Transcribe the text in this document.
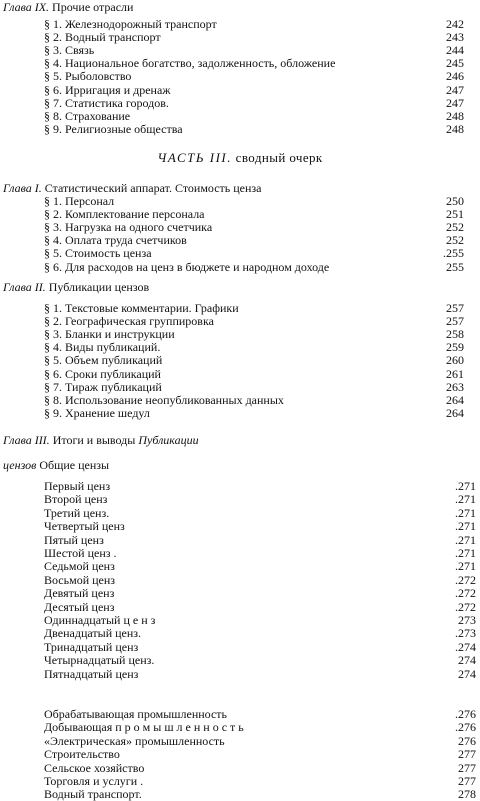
Глава IX. Прочие отрасли
§ 1. Железнодорожный транспорт	242
§ 2. Водный транспорт	243
§ 3. Связь	244
§ 4. Национальное богатство, задолженность, обложение	245
§ 5. Рыболовство	246
§ 6. Ирригация и дренаж	247
§ 7. Статистика городов.	247
§ 8. Страхование	248
§ 9. Религиозные общества	248
ЧАСТЬ III. сводный очерк
Глава I. Статистический аппарат. Стоимость ценза
§ 1. Персонал	250
§ 2. Комплектование персонала	251
§ 3. Нагрузка на одного счетчика	252
§ 4. Оплата труда счетчиков	252
§ 5. Стоимость ценза	.255
§ 6. Для расходов на ценз в бюджете и народном доходе	255
Глава II. Публикации цензов
§ 1. Текстовые комментарии. Графики	257
§ 2. Географическая группировка	257
§ 3. Бланки и инструкции	258
§ 4. Виды публикаций.	259
§ 5. Объем публикаций	260
§ 6. Сроки публикаций	261
§ 7. Тираж публикаций	263
§ 8. Использование неопубликованных данных	264
§ 9. Хранение шедул	264
Глава III. Итоги и выводы Публикации
цензов Общие цензы
Первый ценз	.271
Второй ценз	.271
Третий ценз.	.271
Четвертый ценз	.271
Пятый ценз	.271
Шестой ценз .	.271
Седьмой ценз	.271
Восьмой ценз	.272
Девятый ценз	.272
Десятый ценз	.272
Одиннадцатый ц е н з	273
Двенадцатый ценз.	.273
Тринадцатый ценз	.274
Четырнадцатый ценз.	274
Пятнадцатый ценз	274
Обрабатывающая промышленность	.276
Добывающая п р о м ы ш л е н н о с т ь	.276
«Электрическая» промышленность	276
Строительство	277
Сельское хозяйство	277
Торговля и услуги .	277
Водный транспорт.	278
